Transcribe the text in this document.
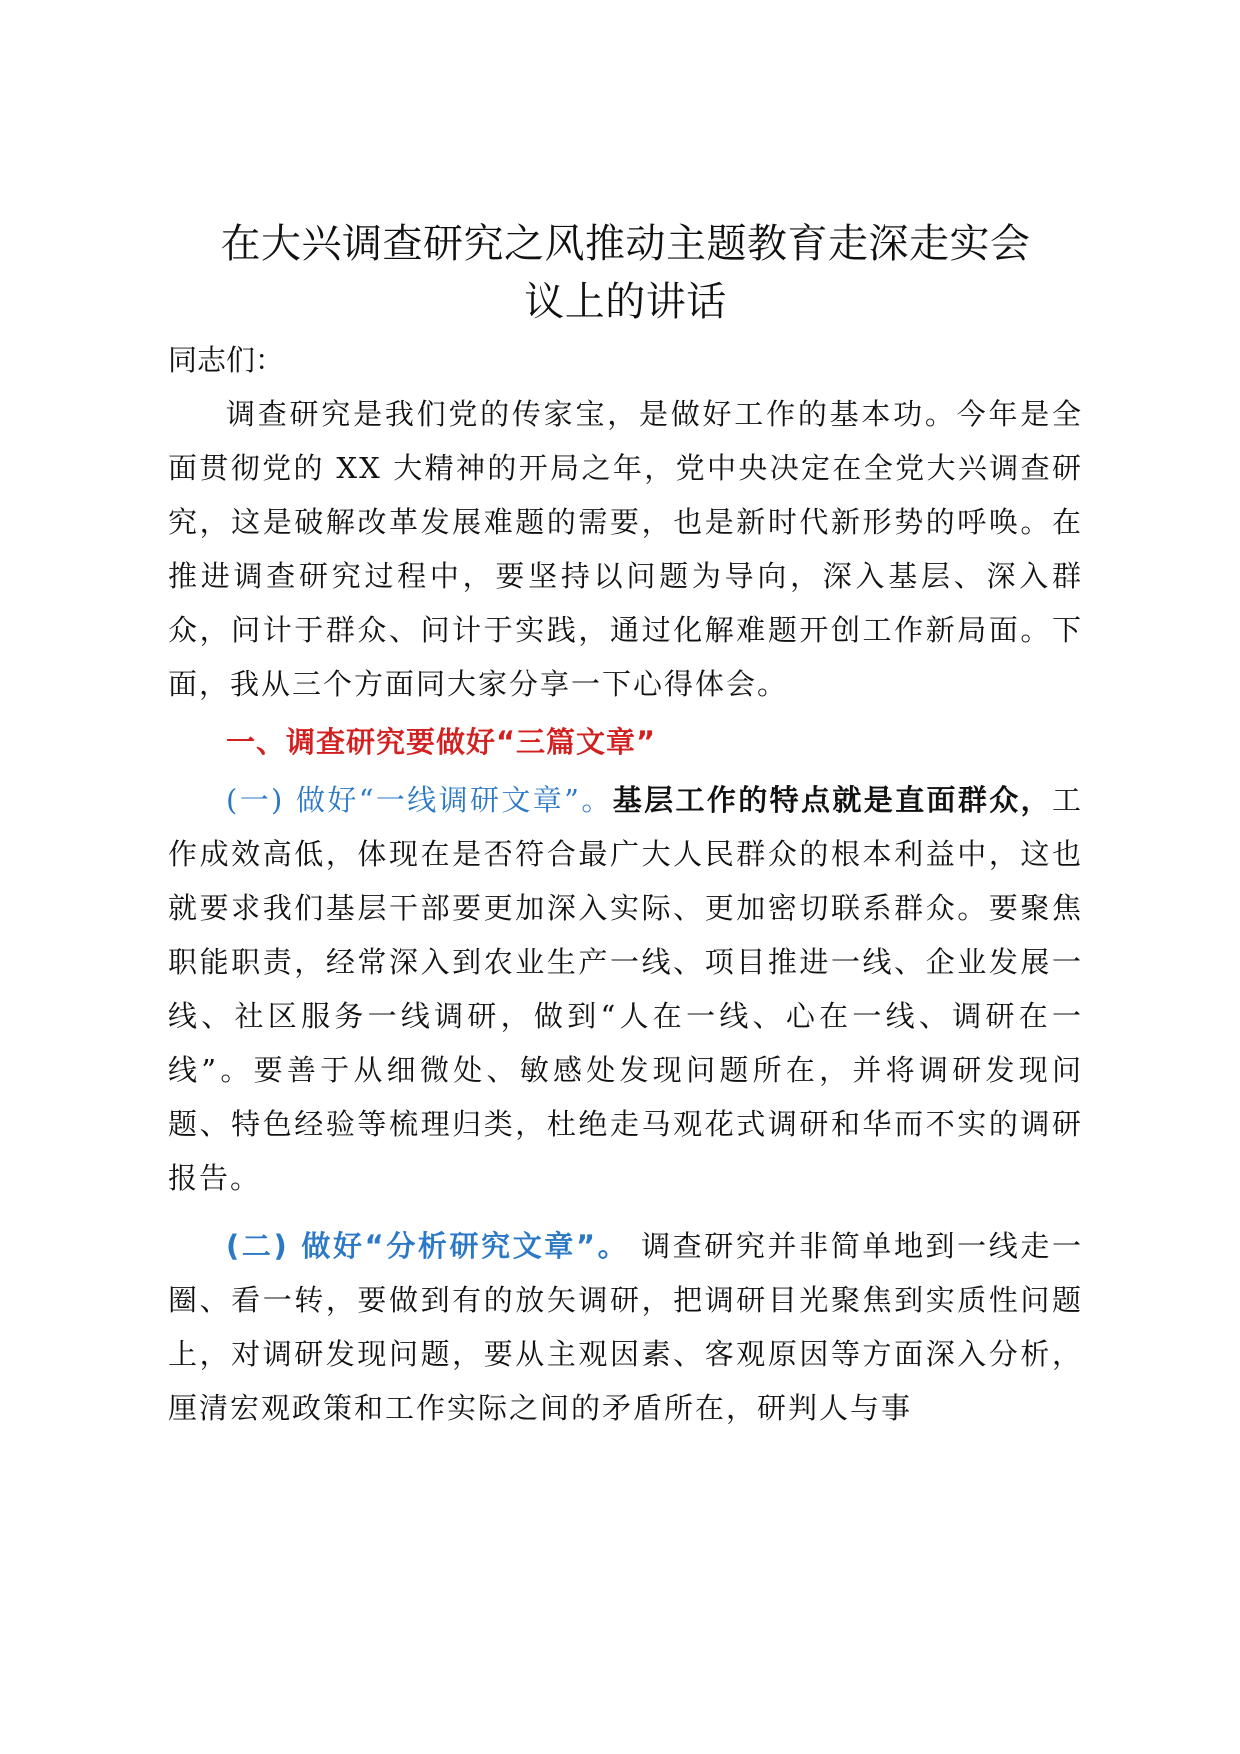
在大兴调查研究之风推动主题教育走深走实会
议上的讲话
同志们：

调查研究是我们党的传家宝，是做好工作的基本功。今年是全面贯彻党的 XX 大精神的开局之年，党中央决定在全党大兴调查研究，这是破解改革发展难题的需要，也是新时代新形势的呼唤。在推进调查研究过程中，要坚持以问题为导向，深入基层、深入群众，问计于群众、问计于实践，通过化解难题开创工作新局面。下面，我从三个方面同大家分享一下心得体会。

一、调查研究要做好“三篇文章”

(一) 做好“一线调研文章”。基层工作的特点就是直面群众，工作成效高低，体现在是否符合最广大人民群众的根本利益中，这也就要求我们基层干部要更加深入实际、更加密切联系群众。要聚焦职能职责，经常深入到农业生产一线、项目推进一线、企业发展一线、社区服务一线调研，做到“人在一线、心在一线、调研在一线”。要善于从细微处、敏感处发现问题所在，并将调研发现问题、特色经验等梳理归类，杜绝走马观花式调研和华而不实的调研报告。

(二) 做好“分析研究文章”。 调查研究并非简单地到一线走一圈、看一转，要做到有的放矢调研，把调研目光聚焦到实质性问题上，对调研发现问题，要从主观因素、客观原因等方面深入分析，厘清宏观政策和工作实际之间的矛盾所在，研判人与事
